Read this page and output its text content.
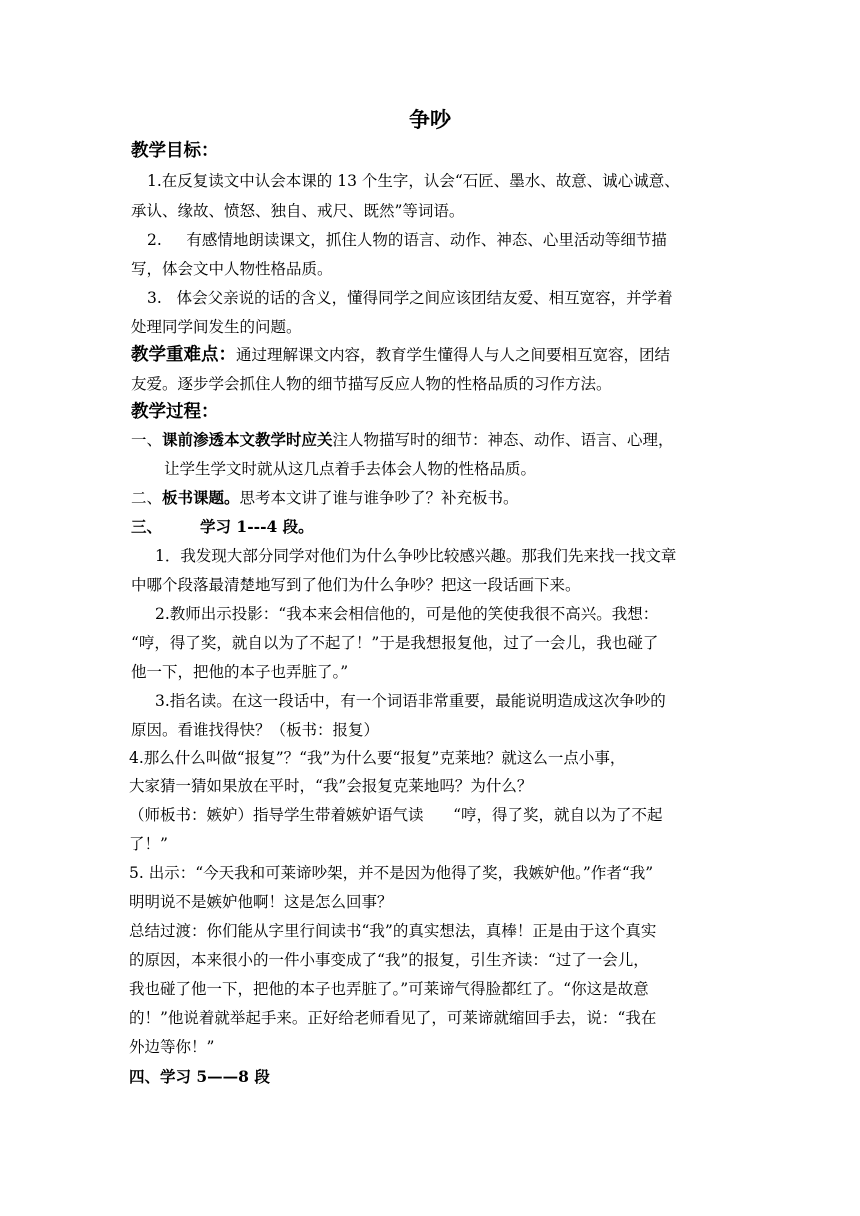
争吵
教学目标：
1.在反复读文中认会本课的 13 个生字，认会“石匠、墨水、故意、诚心诚意、
承认、缘故、愤怒、独自、戒尺、既然”等词语。
2.     有感情地朗读课文，抓住人物的语言、动作、神态、心里活动等细节描
写，体会文中人物性格品质。
3.   体会父亲说的话的含义，懂得同学之间应该团结友爱、相互宽容，并学着
处理同学间发生的问题。
教学重难点：通过理解课文内容，教育学生懂得人与人之间要相互宽容，团结
友爱。逐步学会抓住人物的细节描写反应人物的性格品质的习作方法。
教学过程：
一、课前渗透本文教学时应关注人物描写时的细节：神态、动作、语言、心理，
让学生学文时就从这几点着手去体会人物的性格品质。
二、板书课题。思考本文讲了谁与谁争吵了？补充板书。
三、 学习 1---4 段。
1．我发现大部分同学对他们为什么争吵比较感兴趣。那我们先来找一找文章
中哪个段落最清楚地写到了他们为什么争吵？把这一段话画下来。
2.教师出示投影：“我本来会相信他的，可是他的笑使我很不高兴。我想：
“哼，得了奖，就自以为了不起了！”于是我想报复他，过了一会儿，我也碰了
他一下，把他的本子也弄脏了。”
3.指名读。在这一段话中，有一个词语非常重要，最能说明造成这次争吵的
原因。看谁找得快？（板书：报复）
4.那么什么叫做“报复”？“我”为什么要“报复”克莱地？就这么一点小事，
大家猜一猜如果放在平时，“我”会报复克莱地吗？为什么？
（师板书：嫉妒）指导学生带着嫉妒语气读      “哼，得了奖，就自以为了不起
了！”
5. 出示：“今天我和可莱谛吵架，并不是因为他得了奖，我嫉妒他。”作者“我”
明明说不是嫉妒他啊！这是怎么回事？
总结过渡：你们能从字里行间读书“我”的真实想法，真棒！正是由于这个真实
的原因，本来很小的一件小事变成了“我”的报复，引生齐读：“过了一会儿，
我也碰了他一下，把他的本子也弄脏了。”可莱谛气得脸都红了。“你这是故意
的！”他说着就举起手来。正好给老师看见了，可莱谛就缩回手去，说：“我在
外边等你！”
四、学习 5——8 段
